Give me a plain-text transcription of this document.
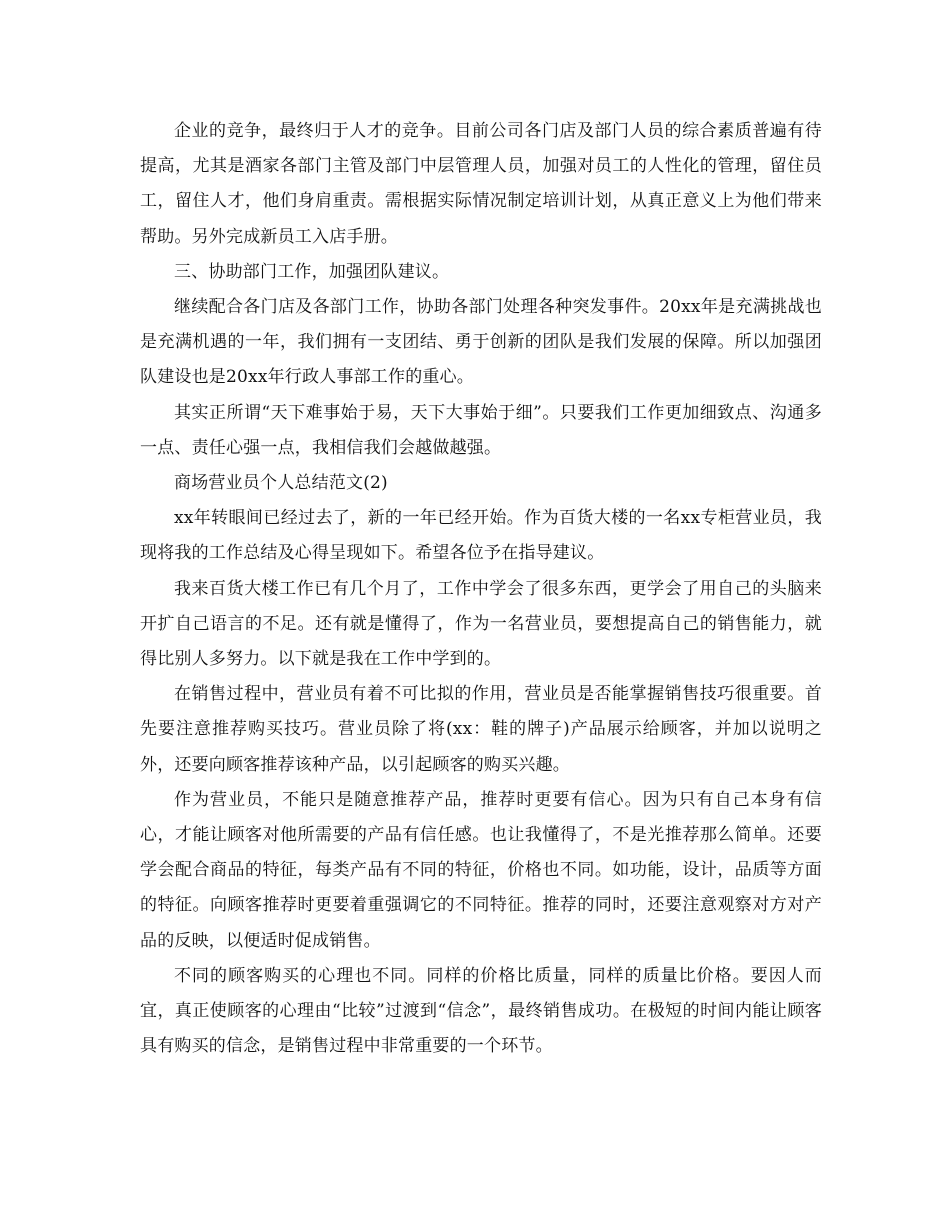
企业的竞争，最终归于人才的竞争。目前公司各门店及部门人员的综合素质普遍有待提高，尤其是酒家各部门主管及部门中层管理人员，加强对员工的人性化的管理，留住员工，留住人才，他们身肩重责。需根据实际情况制定培训计划，从真正意义上为他们带来帮助。另外完成新员工入店手册。

三、协助部门工作，加强团队建议。

继续配合各门店及各部门工作，协助各部门处理各种突发事件。20xx年是充满挑战也是充满机遇的一年，我们拥有一支团结、勇于创新的团队是我们发展的保障。所以加强团队建设也是20xx年行政人事部工作的重心。

其实正所谓“天下难事始于易，天下大事始于细”。只要我们工作更加细致点、沟通多一点、责任心强一点，我相信我们会越做越强。

商场营业员个人总结范文(2)

xx年转眼间已经过去了，新的一年已经开始。作为百货大楼的一名xx专柜营业员，我现将我的工作总结及心得呈现如下。希望各位予在指导建议。

我来百货大楼工作已有几个月了，工作中学会了很多东西，更学会了用自己的头脑来开扩自己语言的不足。还有就是懂得了，作为一名营业员，要想提高自己的销售能力，就得比别人多努力。以下就是我在工作中学到的。

在销售过程中，营业员有着不可比拟的作用，营业员是否能掌握销售技巧很重要。首先要注意推荐购买技巧。营业员除了将(xx：鞋的牌子)产品展示给顾客，并加以说明之外，还要向顾客推荐该种产品，以引起顾客的购买兴趣。

作为营业员，不能只是随意推荐产品，推荐时更要有信心。因为只有自己本身有信心，才能让顾客对他所需要的产品有信任感。也让我懂得了，不是光推荐那么简单。还要学会配合商品的特征，每类产品有不同的特征，价格也不同。如功能，设计，品质等方面的特征。向顾客推荐时更要着重强调它的不同特征。推荐的同时，还要注意观察对方对产品的反映，以便适时促成销售。

不同的顾客购买的心理也不同。同样的价格比质量，同样的质量比价格。要因人而宜，真正使顾客的心理由“比较”过渡到“信念”，最终销售成功。在极短的时间内能让顾客具有购买的信念，是销售过程中非常重要的一个环节。
